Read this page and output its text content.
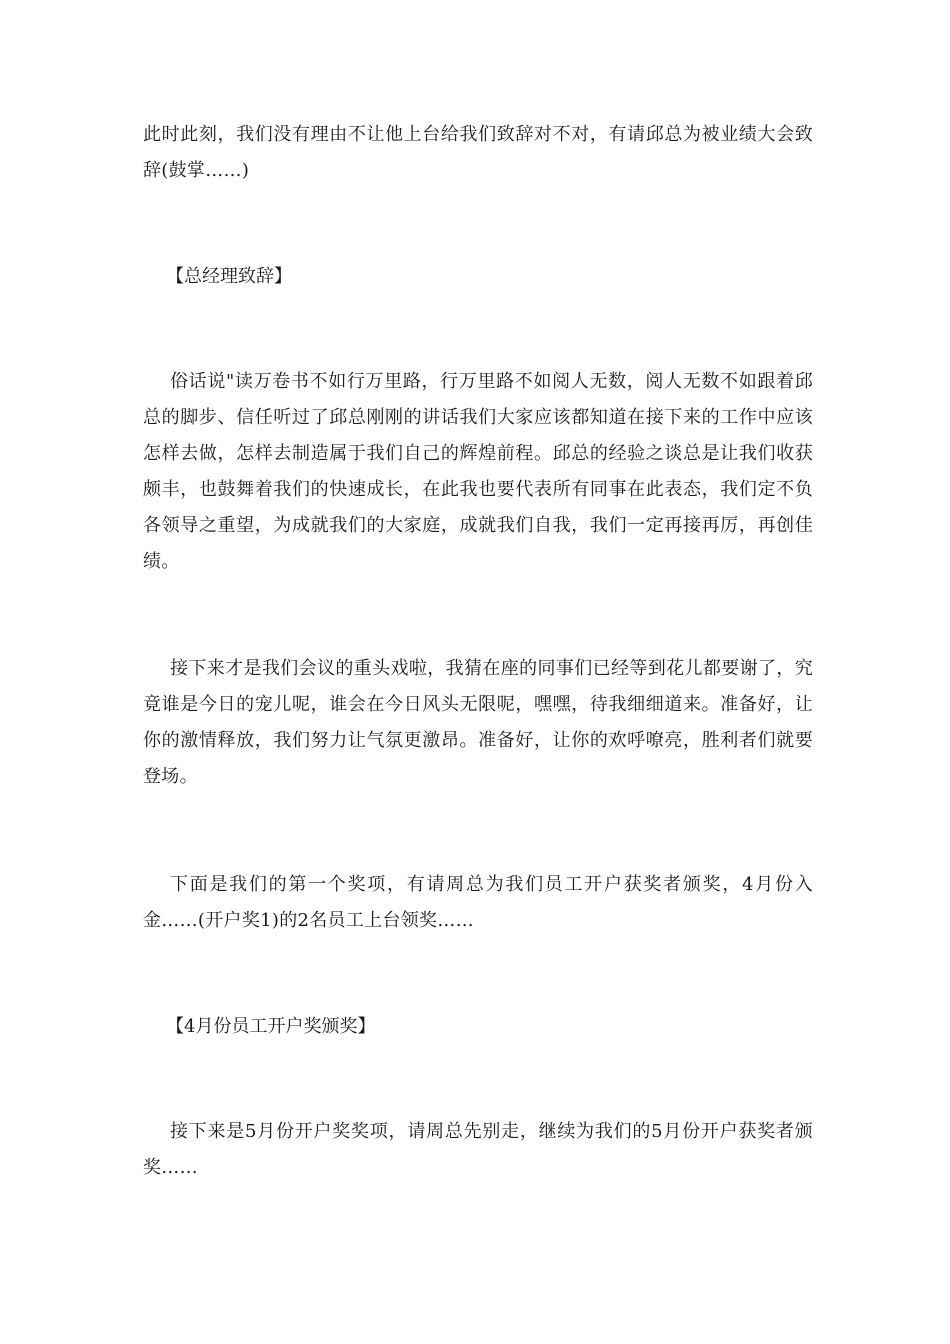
此时此刻，我们没有理由不让他上台给我们致辞对不对，有请邱总为被业绩大会致辞(鼓掌……)

【总经理致辞】

俗话说"读万卷书不如行万里路，行万里路不如阅人无数，阅人无数不如跟着邱总的脚步、信任听过了邱总刚刚的讲话我们大家应该都知道在接下来的工作中应该怎样去做，怎样去制造属于我们自己的辉煌前程。邱总的经验之谈总是让我们收获颇丰，也鼓舞着我们的快速成长，在此我也要代表所有同事在此表态，我们定不负各领导之重望，为成就我们的大家庭，成就我们自我，我们一定再接再厉，再创佳绩。

接下来才是我们会议的重头戏啦，我猜在座的同事们已经等到花儿都要谢了，究竟谁是今日的宠儿呢，谁会在今日风头无限呢，嘿嘿，待我细细道来。准备好，让你的激情释放，我们努力让气氛更激昂。准备好，让你的欢呼嘹亮，胜利者们就要登场。

下面是我们的第一个奖项，有请周总为我们员工开户获奖者颁奖，4月份入金……(开户奖1)的2名员工上台领奖……

【4月份员工开户奖颁奖】

接下来是5月份开户奖奖项，请周总先别走，继续为我们的5月份开户获奖者颁奖……
